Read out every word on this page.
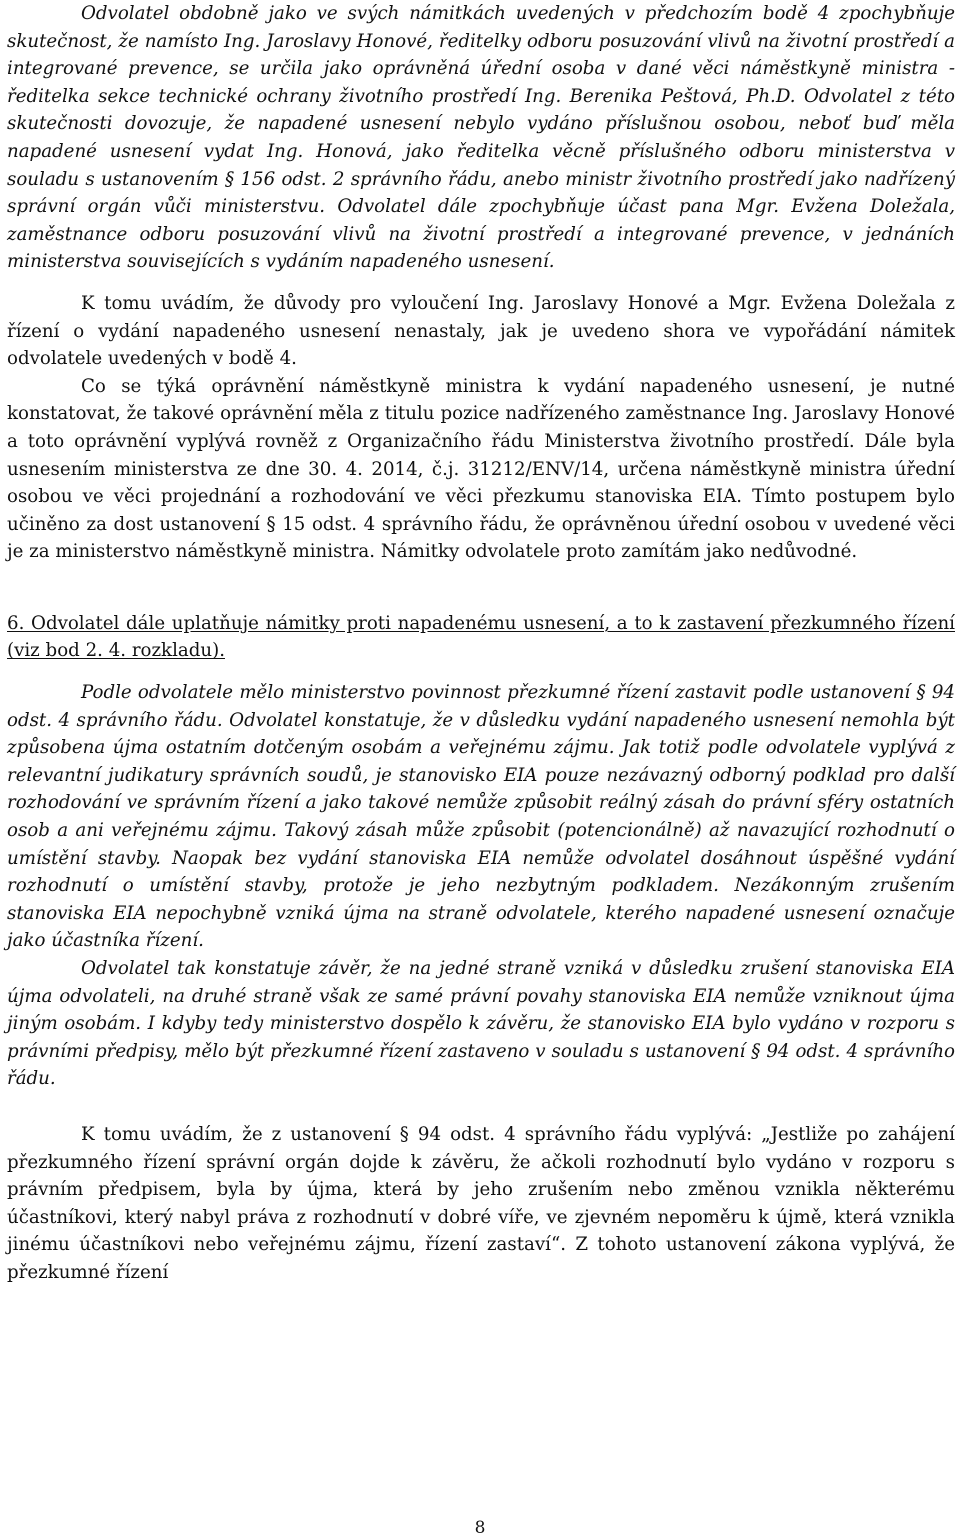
Odvolatel obdobně jako ve svých námitkách uvedených v předchozím bodě 4 zpochybňuje skutečnost, že namísto Ing. Jaroslavy Honové, ředitelky odboru posuzování vlivů na životní prostředí a integrované prevence, se určila jako oprávněná úřední osoba v dané věci náměstkyně ministra - ředitelka sekce technické ochrany životního prostředí Ing. Berenika Peštová, Ph.D. Odvolatel z této skutečnosti dovozuje, že napadené usnesení nebylo vydáno příslušnou osobou, neboť buď měla napadené usnesení vydat Ing. Honová, jako ředitelka věcně příslušného odboru ministerstva v souladu s ustanovením § 156 odst. 2 správního řádu, anebo ministr životního prostředí jako nadřízený správní orgán vůči ministerstvu. Odvolatel dále zpochybňuje účast pana Mgr. Evžena Doležala, zaměstnance odboru posuzování vlivů na životní prostředí a integrované prevence, v jednáních ministerstva souvisejících s vydáním napadeného usnesení.

K tomu uvádím, že důvody pro vyloučení Ing. Jaroslavy Honové a Mgr. Evžena Doležala z řízení o vydání napadeného usnesení nenastaly, jak je uvedeno shora ve vypořádání námitek odvolatele uvedených v bodě 4.

Co se týká oprávnění náměstkyně ministra k vydání napadeného usnesení, je nutné konstatovat, že takové oprávnění měla z titulu pozice nadřízeného zaměstnance Ing. Jaroslavy Honové a toto oprávnění vyplývá rovněž z Organizačního řádu Ministerstva životního prostředí. Dále byla usnesením ministerstva ze dne 30. 4. 2014, č.j. 31212/ENV/14, určena náměstkyně ministra úřední osobou ve věci projednání a rozhodování ve věci přezkumu stanoviska EIA. Tímto postupem bylo učiněno za dost ustanovení § 15 odst. 4 správního řádu, že oprávněnou úřední osobou v uvedené věci je za ministerstvo náměstkyně ministra. Námitky odvolatele proto zamítám jako nedůvodné.

6. Odvolatel dále uplatňuje námitky proti napadenému usnesení, a to k zastavení přezkumného řízení (viz bod 2. 4. rozkladu).

Podle odvolatele mělo ministerstvo povinnost přezkumné řízení zastavit podle ustanovení § 94 odst. 4 správního řádu. Odvolatel konstatuje, že v důsledku vydání napadeného usnesení nemohla být způsobena újma ostatním dotčeným osobám a veřejnému zájmu. Jak totiž podle odvolatele vyplývá z relevantní judikatury správních soudů, je stanovisko EIA pouze nezávazný odborný podklad pro další rozhodování ve správním řízení a jako takové nemůže způsobit reálný zásah do právní sféry ostatních osob a ani veřejnému zájmu. Takový zásah může způsobit (potencionálně) až navazující rozhodnutí o umístění stavby. Naopak bez vydání stanoviska EIA nemůže odvolatel dosáhnout úspěšné vydání rozhodnutí o umístění stavby, protože je jeho nezbytným podkladem. Nezákonným zrušením stanoviska EIA nepochybně vzniká újma na straně odvolatele, kterého napadené usnesení označuje jako účastníka řízení.

Odvolatel tak konstatuje závěr, že na jedné straně vzniká v důsledku zrušení stanoviska EIA újma odvolateli, na druhé straně však ze samé právní povahy stanoviska EIA nemůže vzniknout újma jiným osobám. I kdyby tedy ministerstvo dospělo k závěru, že stanovisko EIA bylo vydáno v rozporu s právními předpisy, mělo být přezkumné řízení zastaveno v souladu s ustanovení § 94 odst. 4 správního řádu.

K tomu uvádím, že z ustanovení § 94 odst. 4 správního řádu vyplývá: „Jestliže po zahájení přezkumného řízení správní orgán dojde k závěru, že ačkoli rozhodnutí bylo vydáno v rozporu s právním předpisem, byla by újma, která by jeho zrušením nebo změnou vznikla některému účastníkovi, který nabyl práva z rozhodnutí v dobré víře, ve zjevném nepoměru k újmě, která vznikla jinému účastníkovi nebo veřejnému zájmu, řízení zastaví“. Z tohoto ustanovení zákona vyplývá, že přezkumné řízení

8
